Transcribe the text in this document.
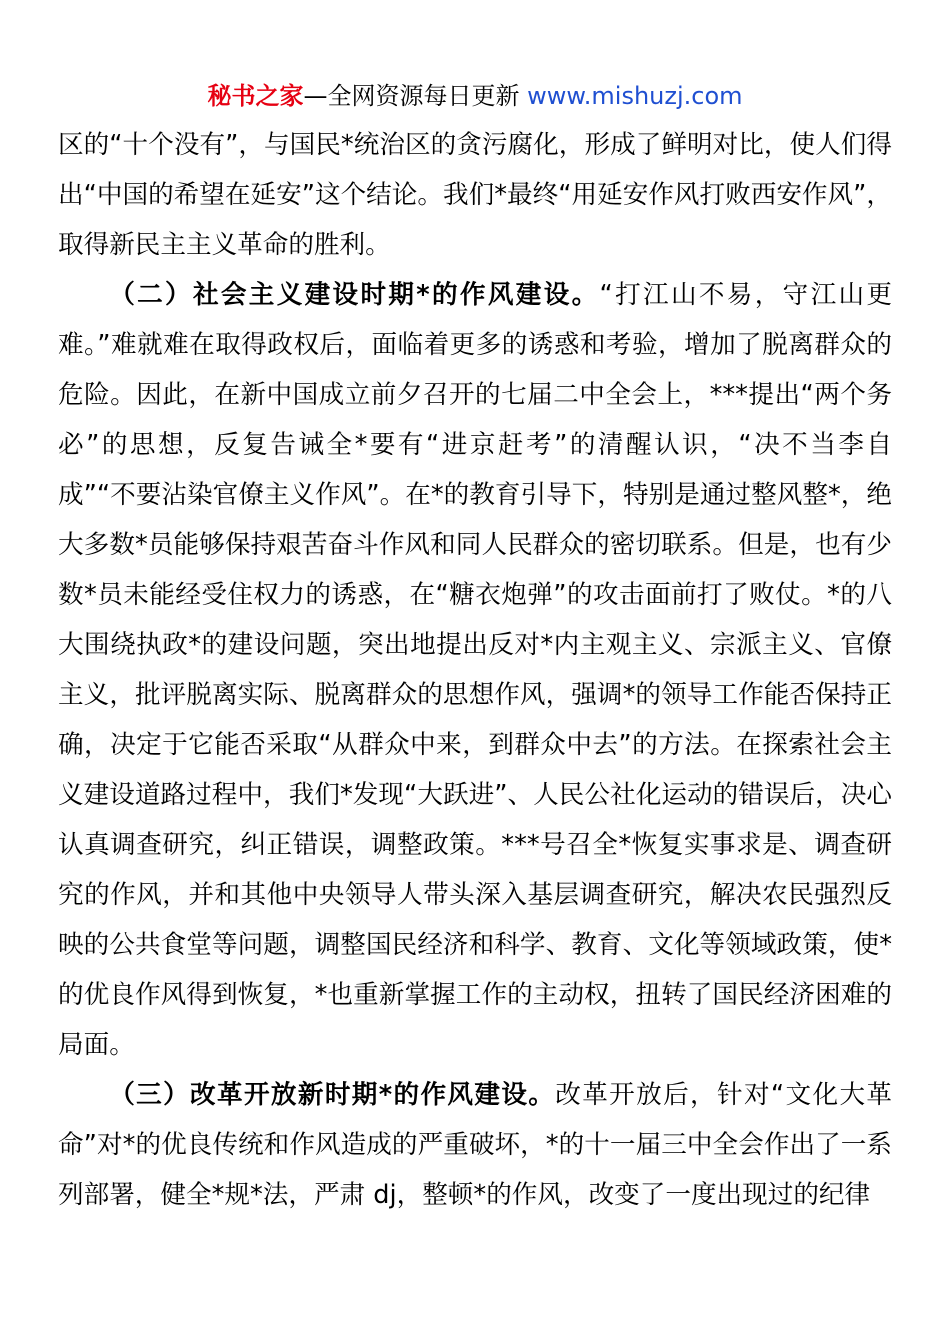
秘书之家—全网资源每日更新 www.mishuzj.com

区的“十个没有”，与国民*统治区的贪污腐化，形成了鲜明对比，使人们得出“中国的希望在延安”这个结论。我们*最终“用延安作风打败西安作风”，取得新民主主义革命的胜利。

（二）社会主义建设时期*的作风建设。“打江山不易，守江山更难。”难就难在取得政权后，面临着更多的诱惑和考验，增加了脱离群众的危险。因此，在新中国成立前夕召开的七届二中全会上，***提出“两个务必”的思想，反复告诫全*要有“进京赶考”的清醒认识，“决不当李自成”“不要沾染官僚主义作风”。在*的教育引导下，特别是通过整风整*，绝大多数*员能够保持艰苦奋斗作风和同人民群众的密切联系。但是，也有少数*员未能经受住权力的诱惑，在“糖衣炮弹”的攻击面前打了败仗。*的八大围绕执政*的建设问题，突出地提出反对*内主观主义、宗派主义、官僚主义，批评脱离实际、脱离群众的思想作风，强调*的领导工作能否保持正确，决定于它能否采取“从群众中来，到群众中去”的方法。在探索社会主义建设道路过程中，我们*发现“大跃进”、人民公社化运动的错误后，决心认真调查研究，纠正错误，调整政策。***号召全*恢复实事求是、调查研究的作风，并和其他中央领导人带头深入基层调查研究，解决农民强烈反映的公共食堂等问题，调整国民经济和科学、教育、文化等领域政策，使*的优良作风得到恢复，*也重新掌握工作的主动权，扭转了国民经济困难的局面。

（三）改革开放新时期*的作风建设。改革开放后，针对“文化大革命”对*的优良传统和作风造成的严重破坏，*的十一届三中全会作出了一系列部署，健全*规*法，严肃 dj，整顿*的作风，改变了一度出现过的纪律
